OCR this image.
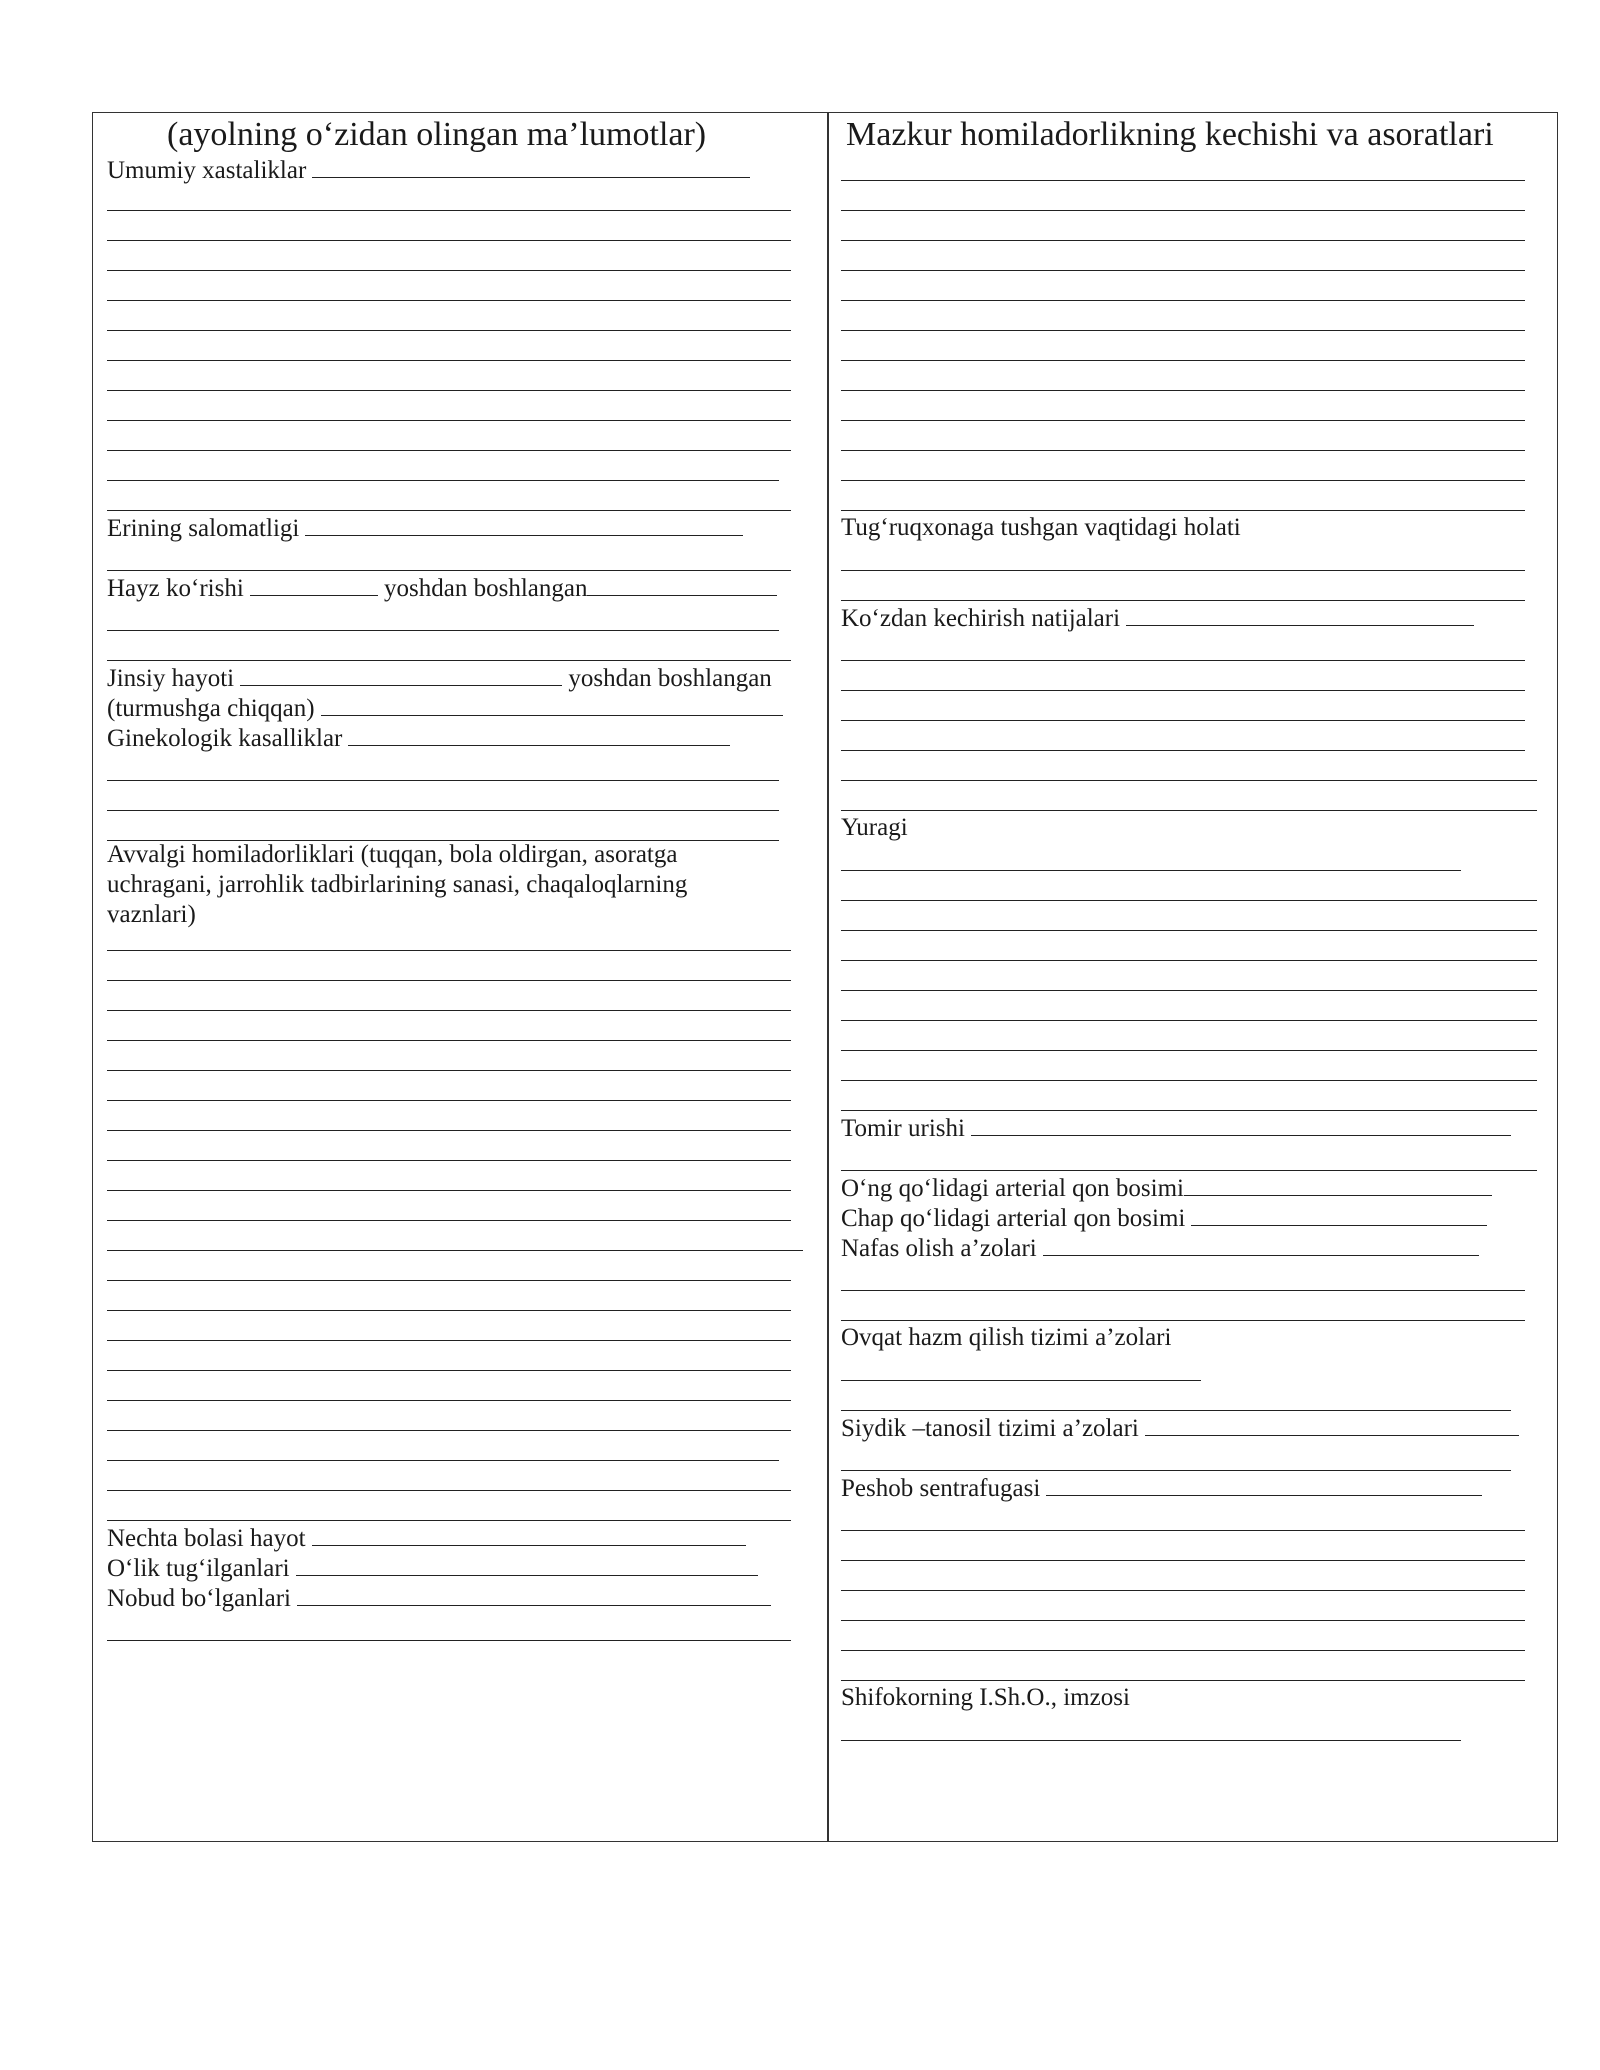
(ayolning o‘zidan olingan ma’lumotlar)
Umumiy xastaliklar
Erining salomatligi
Hayz ko‘rishi	yoshdan boshlangan
Jinsiy hayoti	yoshdan boshlangan
(turmushga chiqqan)
Ginekologik kasalliklar
Avvalgi homiladorliklari (tuqqan, bola oldirgan, asoratga uchragani, jarrohlik tadbirlarining sanasi, chaqaloqlarning vaznlari)
Nechta bolasi hayot
O‘lik tug‘ilganlari
Nobud bo‘lganlari
Mazkur homiladorlikning kechishi va asoratlari
Tug‘ruqxonaga tushgan vaqtidagi holati
Ko‘zdan kechirish natijalari
Yuragi
Tomir urishi
O‘ng qo‘lidagi arterial qon bosimi
Chap qo‘lidagi arterial qon bosimi
Nafas olish a’zolari
Ovqat hazm qilish tizimi a’zolari
Siydik –tanosil tizimi a’zolari
Peshob sentrafugasi
Shifokorning I.Sh.O., imzosi
